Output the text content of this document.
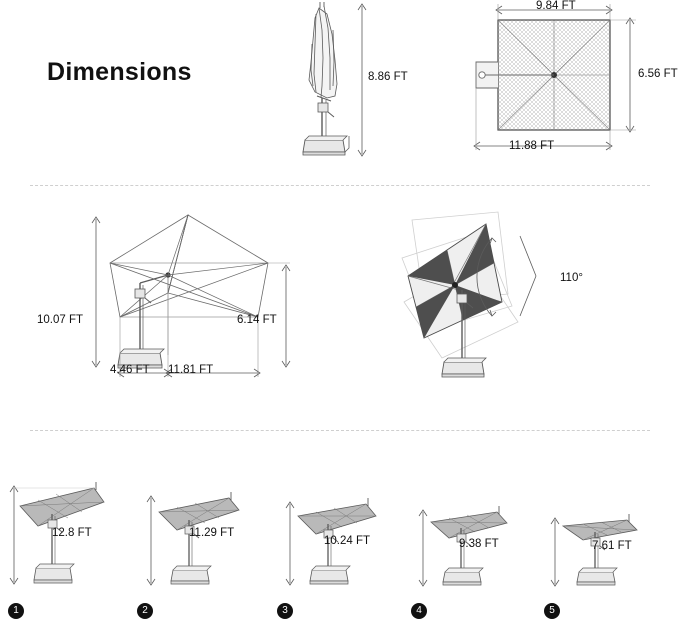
Dimensions	8.86 FT
9.84 FT
6.56 FT
11.88 FT
10.07 FT	6.14 FT
4.46 FT 11.81 FT
110°
12.8 FT
1
11.29 FT
2
10.24 FT
3
9.38 FT
4
7.61 FT
5
